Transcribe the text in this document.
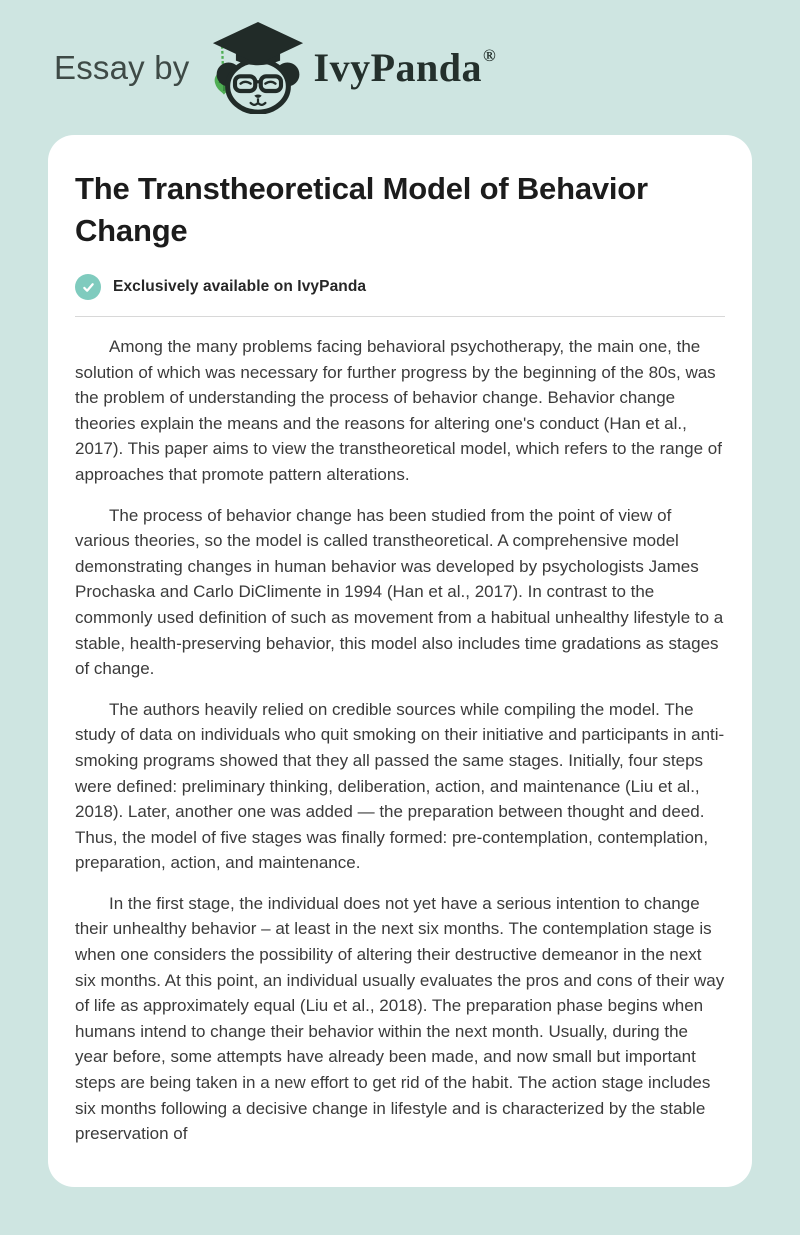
Essay by	IvyPanda ®
The Transtheoretical Model of Behavior Change
Exclusively available on IvyPanda

Among the many problems facing behavioral psychotherapy, the main one, the solution of which was necessary for further progress by the beginning of the 80s, was the problem of understanding the process of behavior change. Behavior change theories explain the means and the reasons for altering one's conduct (Han et al., 2017). This paper aims to view the transtheoretical model, which refers to the range of approaches that promote pattern alterations.

The process of behavior change has been studied from the point of view of various theories, so the model is called transtheoretical. A comprehensive model demonstrating changes in human behavior was developed by psychologists James Prochaska and Carlo DiClimente in 1994 (Han et al., 2017). In contrast to the commonly used definition of such as movement from a habitual unhealthy lifestyle to a stable, health-preserving behavior, this model also includes time gradations as stages of change.

The authors heavily relied on credible sources while compiling the model. The study of data on individuals who quit smoking on their initiative and participants in anti-smoking programs showed that they all passed the same stages. Initially, four steps were defined: preliminary thinking, deliberation, action, and maintenance (Liu et al., 2018). Later, another one was added — the preparation between thought and deed. Thus, the model of five stages was finally formed: pre-contemplation, contemplation, preparation, action, and maintenance.

In the first stage, the individual does not yet have a serious intention to change their unhealthy behavior – at least in the next six months. The contemplation stage is when one considers the possibility of altering their destructive demeanor in the next six months. At this point, an individual usually evaluates the pros and cons of their way of life as approximately equal (Liu et al., 2018). The preparation phase begins when humans intend to change their behavior within the next month. Usually, during the year before, some attempts have already been made, and now small but important steps are being taken in a new effort to get rid of the habit. The action stage includes six months following a decisive change in lifestyle and is characterized by the stable preservation of
